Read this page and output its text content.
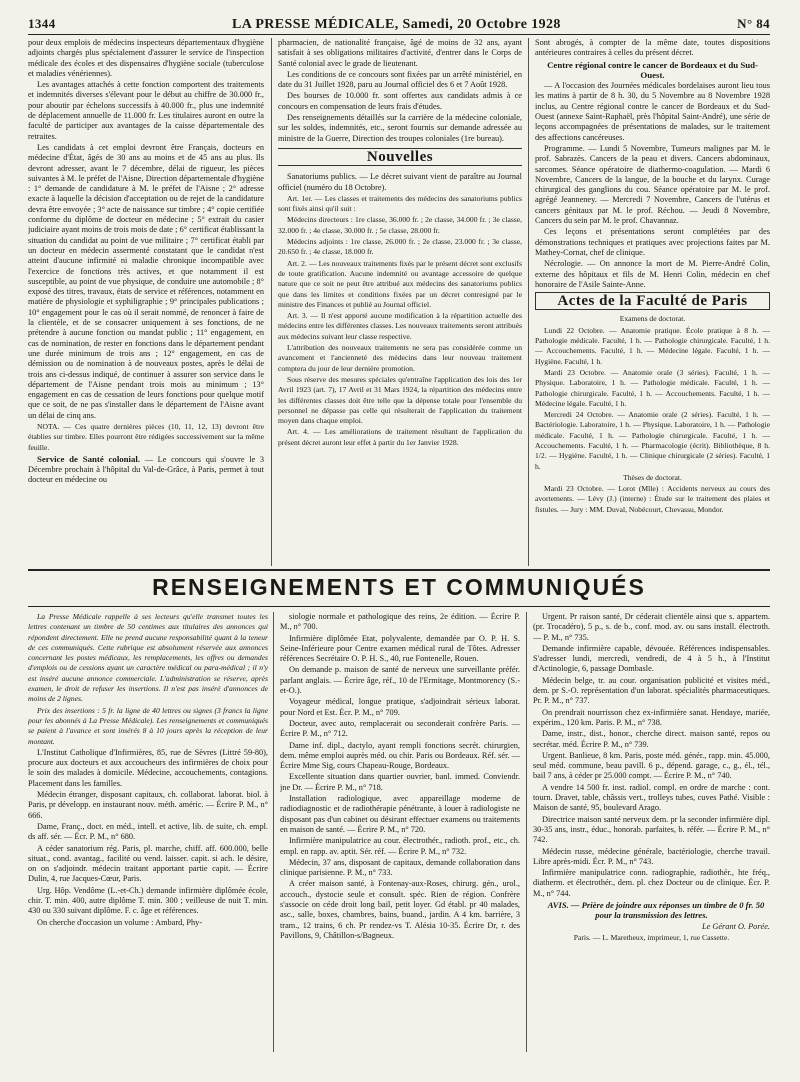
1344	LA PRESSE MÉDICALE, Samedi, 20 Octobre 1928	N° 84

pour deux emplois de médecins inspecteurs départementaux d'hygiène adjoints chargés plus spécialement d'assurer le service de l'inspection médicale des écoles et des dispensaires d'hygiène sociale (tuberculose et maladies vénériennes).

Les avantages attachés à cette fonction comportent des traitements et indemnités diverses s'élevant pour le début au chiffre de 30.000 fr., pour aboutir par échelons successifs à 40.000 fr., plus une indemnité de déplacement annuelle de 11.000 fr. Les titulaires auront en outre la faculté de participer aux avantages de la caisse départementale des retraites.

Les candidats à cet emploi devront être Français, docteurs en médecine d'État, âgés de 30 ans au moins et de 45 ans au plus. Ils devront adresser, avant le 7 décembre, délai de rigueur, les pièces suivantes à M. le préfet de l'Aisne, Direction départementale d'hygiène : 1° demande de candidature à M. le préfet de l'Aisne ; 2° adresse exacte à laquelle la décision d'acceptation ou de rejet de la candidature devra être envoyée ; 3° acte de naissance sur timbre ; 4° copie certifiée conforme du diplôme de docteur en médecine ; 5° extrait du casier judiciaire ayant moins de trois mois de date ; 6° certificat établissant la situation du candidat au point de vue militaire ; 7° certificat établi par un docteur en médecin assermenté constatant que le candidat n'est atteint d'aucune infirmité ni maladie chronique incompatible avec l'exercice de fonctions très actives, et que notamment il est susceptible, au point de vue physique, de conduire une automobile ; 8° exposé des titres, travaux, états de service et références, notamment en matière de physiologie et syphiligraphie ; 9° principales publications ; 10° engagement pour le cas où il serait nommé, de renoncer à faire de la clientèle, et de se consacrer uniquement à ses fonctions, de ne prétendre à aucune fonction ou mandat public ; 11° engagement, en cas de nomination, de rester en fonctions dans le département pendant une durée minimum de trois ans ; 12° engagement, en cas de démission ou de nomination à de nouveaux postes, après le délai de trois ans ci-dessus indiqué, de continuer à assurer son service dans le département de l'Aisne pendant trois mois au minimum ; 13° engagement en cas de cessation de leurs fonctions pour quelque motif que ce soit, de ne pas s'installer dans le département de l'Aisne avant un délai de cinq ans.

NOTA. — Ces quatre dernières pièces (10, 11, 12, 13) devront être établies sur timbre. Elles pourront être rédigées successivement sur la même feuille.

Service de Santé colonial. — Le concours qui s'ouvre le 3 Décembre prochain à l'hôpital du Val-de-Grâce, à Paris, permet à tout docteur en médecine ou

pharmacien, de nationalité française, âgé de moins de 32 ans, ayant satisfait à ses obligations militaires d'activité, d'entrer dans le Corps de Santé colonial avec le grade de lieutenant.

Les conditions de ce concours sont fixées par un arrêté ministériel, en date du 31 Juillet 1928, paru au Journal officiel des 6 et 7 Août 1928.

Des bourses de 10.000 fr. sont offertes aux candidats admis à ce concours en compensation de leurs frais d'études.

Des renseignements détaillés sur la carrière de la médecine coloniale, sur les soldes, indemnités, etc., seront fournis sur demande adressée au ministre de la Guerre, Direction des troupes coloniales (1re bureau).

Nouvelles

Sanatoriums publics. — Le décret suivant vient de paraître au Journal officiel (numéro du 18 Octobre).

Art. 1er. — Les classes et traitements des médecins des sanatoriums publics sont fixés ainsi qu'il suit :

Médecins directeurs : 1re classe, 36.000 fr. ; 2e classe, 34.000 fr. ; 3e classe, 32.000 fr. ; 4e classe, 30.000 fr. ; 5e classe, 28.000 fr.

Médecins adjoints : 1re classe, 26.000 fr. ; 2e classe, 23.000 fr. ; 3e classe, 20.650 fr. ; 4e classe, 18.000 fr.

Art. 2. — Les nouveaux traitements fixés par le présent décret sont exclusifs de toute gratification. Aucune indemnité ou avantage accessoire de quelque nature que ce soit ne peut être attribué aux médecins des sanatoriums publics que dans les limites et conditions fixées par un décret contresigné par le ministre des Finances et publié au Journal officiel.

Art. 3. — Il n'est apporté aucune modification à la répartition actuelle des médecins entre les différentes classes. Les nouveaux traitements seront attribués aux médecins suivant leur classe respective.

L'attribution des nouveaux traitements ne sera pas considérée comme un avancement et l'ancienneté des médecins dans leur nouveau traitement comptera du jour de leur dernière promotion.

Sous réserve des mesures spéciales qu'entraîne l'application des lois des 1er Avril 1923 (art. 7), 17 Avril et 31 Mars 1924, la répartition des médecins entre les différentes classes doit être telle que la dépense totale pour l'ensemble du personnel ne dépasse pas celle qui résulterait de l'application du traitement moyen dans chaque emploi.

Art. 4. — Les améliorations de traitement résultant de l'application du présent décret auront leur effet à partir du 1er Janvier 1928.

Sont abrogés, à compter de la même date, toutes dispositions antérieures contraires à celles du présent décret.

Centre régional contre le cancer de Bordeaux et du Sud-Ouest.

— A l'occasion des Journées médicales bordelaises auront lieu tous les matins à partir de 8 h. 30, du 5 Novembre au 8 Novembre 1928 inclus, au Centre régional contre le cancer de Bordeaux et du Sud-Ouest (annexe Saint-Raphaël, près l'hôpital Saint-André), une série de leçons accompagnées de présentations de malades, sur le traitement des affections cancéreuses.

Programme. — Lundi 5 Novembre, Tumeurs malignes par M. le prof. Sabrazès. Cancers de la peau et divers. Cancers abdominaux, sarcomes. Séance opératoire de diathermo-coagulation. — Mardi 6 Novembre, Cancers de la langue, de la bouche et du larynx. Curage chirurgical des ganglions du cou. Séance opératoire par M. le prof. agrégé Jeanneney. — Mercredi 7 Novembre, Cancers de l'utérus et cancers génitaux par M. le prof. Réchou. — Jeudi 8 Novembre, Cancers du sein par M. le prof. Chavannaz.

Ces leçons et présentations seront complétées par des démonstrations techniques et pratiques avec projections faites par M. Mathey-Cornat, chef de clinique.

Nécrologie. — On annonce la mort de M. Pierre-André Colin, externe des hôpitaux et fils de M. Henri Colin, médecin en chef honoraire de l'Asile Sainte-Anne.

Actes de la Faculté de Paris

Examens de doctorat.

Lundi 22 Octobre. — Anatomie pratique. École pratique à 8 h. — Pathologie médicale. Faculté, 1 h. — Pathologie chirurgicale. Faculté, 1 h. — Accouchements. Faculté, 1 h. — Médecine légale. Faculté, 1 h. — Hygiène. Faculté, 1 h.

Mardi 23 Octobre. — Anatomie orale (3 séries). Faculté, 1 h. — Physique. Laboratoire, 1 h. — Pathologie médicale. Faculté, 1 h. — Pathologie chirurgicale. Faculté, 1 h. — Accouchements. Faculté, 1 h. — Médecine légale. Faculté, 1 h.

Mercredi 24 Octobre. — Anatomie orale (2 séries). Faculté, 1 h. — Bactériologie. Laboratoire, 1 h. — Physique. Laboratoire, 1 h. — Pathologie médicale. Faculté, 1 h. — Pathologie chirurgicale. Faculté, 1 h. — Accouchements. Faculté, 1 h. — Pharmacologie (écrit). Bibliothèque, 8 h. 1/2. — Hygiène. Faculté, 1 h. — Clinique chirurgicale (2 séries). Faculté, 1 h.

Thèses de doctorat.

Mardi 23 Octobre. — Lorot (Mlle) : Accidents nerveux au cours des avortements. — Lévy (J.) (interne) : Étude sur le traitement des plaies et fistules. — Jury : MM. Duval, Nobécourt, Chevassu, Mondor.

RENSEIGNEMENTS ET COMMUNIQUÉS

La Presse Médicale rappelle à ses lecteurs qu'elle transmet toutes les lettres contenant un timbre de 50 centimes aux titulaires des annonces qui répondent directement. Elle ne prend aucune responsabilité quant à la teneur de ces communiqués. Cette rubrique est absolument réservée aux annonces concernant les postes médicaux, les remplacements, les offres ou demandes d'emplois ou de cessions ayant un caractère médical ou para-médical ; il n'y est inséré aucune annonce commerciale. L'administration se réserve, après examen, le droit de refuser les insertions. Il n'est pas inséré d'annonces de moins de 2 lignes.

Prix des insertions : 5 fr. la ligne de 40 lettres ou signes (3 francs la ligne pour les abonnés à La Presse Médicale). Les renseignements et communiqués se paient à l'avance et sont insérés 8 à 10 jours après la réception de leur montant.

L'Institut Catholique d'Infirmières, 85, rue de Sèvres (Littré 59-80), procure aux docteurs et aux accoucheurs des infirmières de choix pour le soin des malades à domicile. Médecine, accouchements, contagions. Placement dans les familles.

Médecin étranger, disposant capitaux, ch. collaborat. laborat. biol. à Paris, pr développ. en instaurant nouv. méth. améric. — Écrire P. M., n° 666.

Dame, Franç., doct. en méd., intell. et active, lib. de suite, ch. empl. ds aff. sér. — Écr. P. M., n° 680.

A céder sanatorium rég. Paris, pl. marche, chiff. aff. 600.000, belle situat., cond. avantag., facilité ou vend. laisser. capit. si ach. le désire, on on s'adjoindr. médecin traitant apportant partie capit. — Écrire Dulin, 4, rue Jacques-Cœur, Paris.

Urg. Hôp. Vendôme (L.-et-Ch.) demande infirmière diplômée école, chir. T. min. 400, autre diplôme T. min. 300 ; veilleuse de nuit T. min. 430 ou 330 suivant diplôme. F. c. âge et références.

On cherche d'occasion un volume : Ambard, Phy-

siologie normale et pathologique des reins, 2e édition. — Écrire P. M., n° 700.

Infirmière diplômée Etat, polyvalente, demandée par O. P. H. S. Seine-Inférieure pour Centre examen médical rural de Tôtes. Adresser références Secrétaire O. P. H. S., 40, rue Fontenelle, Rouen.

On demande p. maison de santé de nerveux une surveillante préfér. parlant anglais. — Écrire âge, réf., 10 de l'Ermitage, Montmorency (S.-et-O.).

Voyageur médical, longue pratique, s'adjoindrait sérieux laborat. pour Nord et Est. Écr. P. M., n° 709.

Docteur, avec auto, remplacerait ou seconderait confrère Paris. — Écrire P. M., n° 712.

Dame inf. dipl., dactylo, ayant rempli fonctions secrét. chirurgien, dem. même emploi auprès méd. ou chir. Paris ou Bordeaux. Réf. sér. — Écrire Mme Sig, cours Chapeau-Rouge, Bordeaux.

Excellente situation dans quartier ouvrier, banl. immed. Conviendr. jne Dr. — Écrire P. M., n° 718.

Installation radiologique, avec appareillage moderne de radiodiagnostic et de radiothérapie pénétrante, à louer à radiologiste ne disposant pas d'un cabinet ou désirant effectuer examens ou traitements en maison de santé. — Écrire P. M., n° 720.

Infirmière manipulatrice au cour. électrothér., radioth. prof., etc., ch. empl. en rapp. av. aptit. Sér. réf. — Écrire P. M., n° 732.

Médecin, 37 ans, disposant de capitaux, demande collaboration dans clinique parisienne. P. M., n° 733.

A créer maison santé, à Fontenay-aux-Roses, chirurg. gén., urol., accouch., dystocie seule et consult. spéc. Rien de région. Confrère s'associe on céde droit long bail, petit loyer. Gd établ. pr 40 malades, asc., salle, boxes, chambres, bains, buand., jardin. A 4 km. barrière, 3 tram., 12 trains, 6 ch. Pr rendez-vs T. Alésia 10-35. Écrire Dr, r. des Pavillons, 9, Châtillon-s/Bagneux.

Urgent. Pr raison santé, Dr céderait clientèle ainsi que s. appartem. (pr. Trocadéro), 5 p., s. de b., conf. mod. av. ou sans install. électroth. — P. M., n° 735.

Demande infirmière capable, dévouée. Références indispensables. S'adresser lundi, mercredi, vendredi, de 4 à 5 h., à l'Institut d'Actinologie, 6, passage Dombasle.

Médecin belge, tr. au cour. organisation publicité et visites méd., dem. pr S.-O. représentation d'un laborat. spécialités pharmaceutiques. Pr. P. M., n° 737.

On prendrait nourrisson chez ex-infirmière sanat. Hendaye, mariée, expérim., 120 km. Paris. P. M., n° 738.

Dame, instr., dist., honor., cherche direct. maison santé, repos ou secrétar. méd. Écrire P. M., n° 739.

Urgent. Banlieue, 8 km. Paris, poste méd. génér., rapp. min. 45.000, seul méd. commune, beau pavill. 6 p., dépend. garage, c., g., él., tél., bail 7 ans, à céder pr 25.000 compt. — Écrire P. M., n° 740.

A vendre 14 500 fr. inst. radiol. compl. en ordre de marche : cont. tourn. Dravet, table, châssis vert., trolleys tubes, cuves Pathé. Visible : Maison de santé, 95, boulevard Arago.

Directrice maison santé nerveux dem. pr la seconder infirmière dipl. 30-35 ans, instr., éduc., honorab. parfaites, b. référ. — Écrire P. M., n° 742.

Médecin russe, médecine générale, bactériologie, cherche travail. Libre après-midi. Écr. P. M., n° 743.

Infirmière manipulatrice conn. radiographie, radiothér., hte fréq., diatherm. et électrothér., dem. pl. chez Docteur ou de clinique. Écr. P. M., n° 744.

AVIS. — Prière de joindre aux réponses un timbre de 0 fr. 50 pour la transmission des lettres.

Le Gérant O. Porée.

Paris. — L. Maretheux, imprimeur, 1, rue Cassette.
